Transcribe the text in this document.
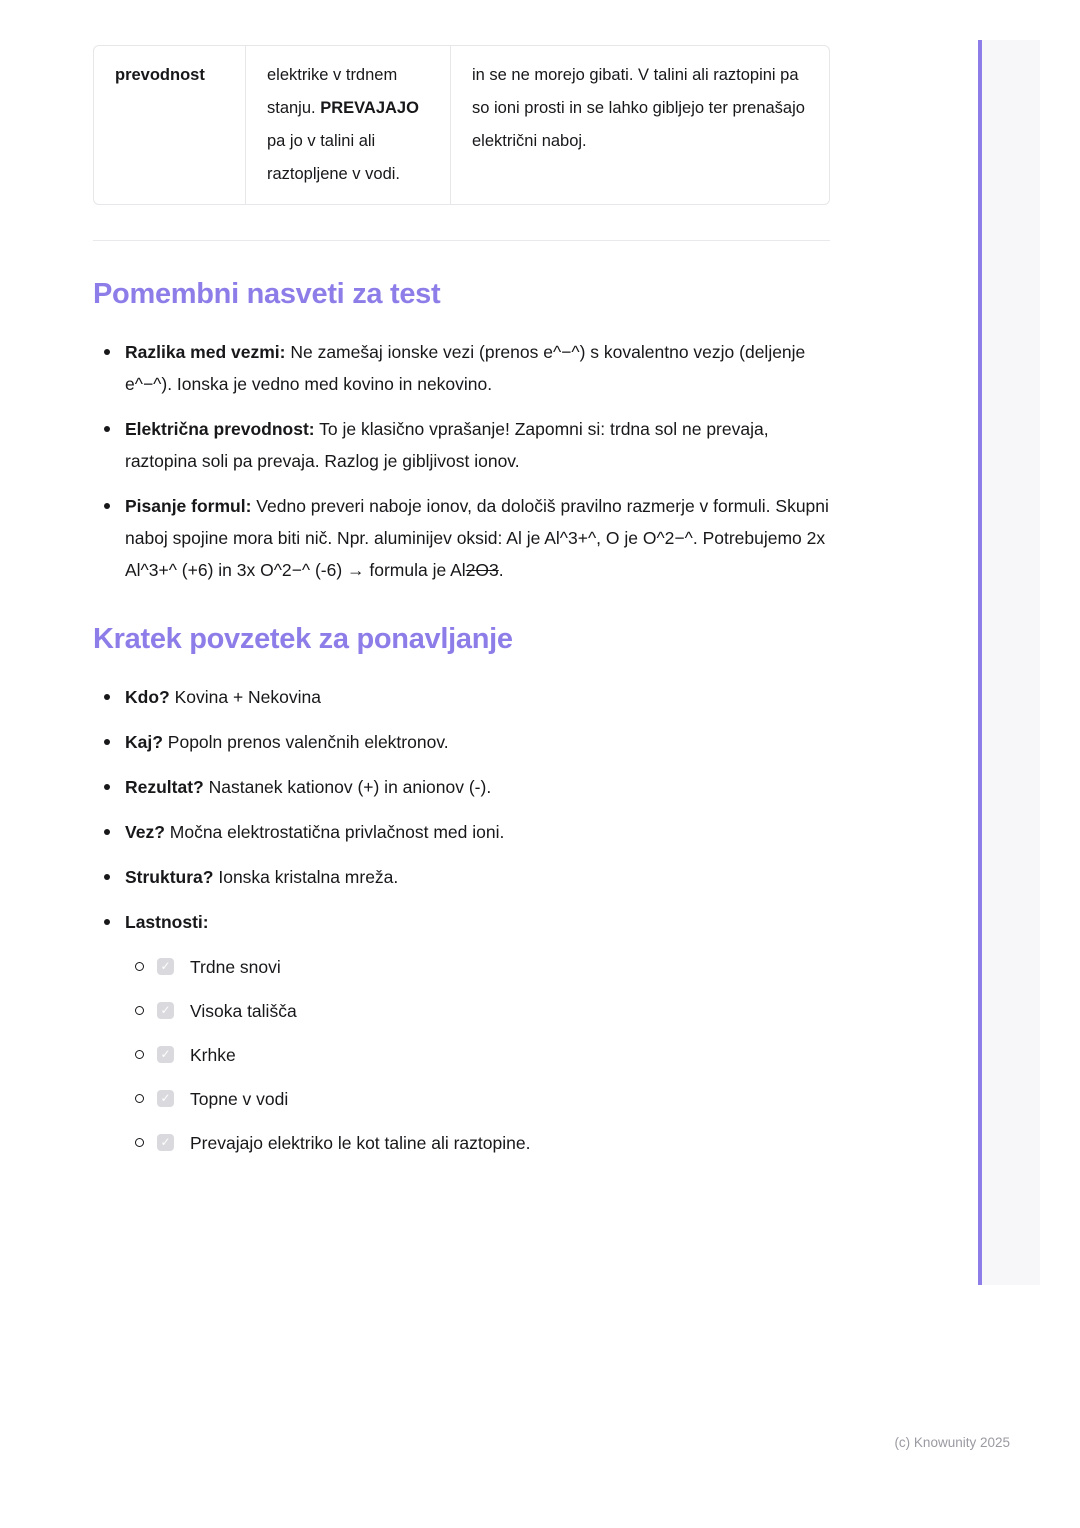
prevodnost	elektrike v trdnem stanju. PREVAJAJO pa jo v talini ali raztopljene v vodi.
in se ne morejo gibati. V talini ali raztopini pa so ioni prosti in se lahko gibljejo ter prenašajo električni naboj.
Pomembni nasveti za test
Razlika med vezmi: Ne zamešaj ionske vezi (prenos e^−^) s kovalentno vezjo (deljenje e^−^). Ionska je vedno med kovino in nekovino.
Električna prevodnost: To je klasično vprašanje! Zapomni si: trdna sol ne prevaja, raztopina soli pa prevaja. Razlog je gibljivost ionov.
Pisanje formul: Vedno preveri naboje ionov, da določiš pravilno razmerje v formuli. Skupni naboj spojine mora biti nič. Npr. aluminijev oksid: Al je Al^3+^, O je O^2−^. Potrebujemo 2x Al^3+^ (+6) in 3x O^2−^ (-6) → formula je Al2O3.
Kratek povzetek za ponavljanje
Kdo? Kovina + Nekovina
Kaj? Popoln prenos valenčnih elektronov.
Rezultat? Nastanek kationov (+) in anionov (-).
Vez? Močna elektrostatična privlačnost med ioni.
Struktura? Ionska kristalna mreža.
Lastnosti:
✓ Trdne snovi
✓ Visoka tališča
✓ Krhke
✓ Topne v vodi
✓ Prevajajo elektriko le kot taline ali raztopine.
(c) Knowunity 2025
